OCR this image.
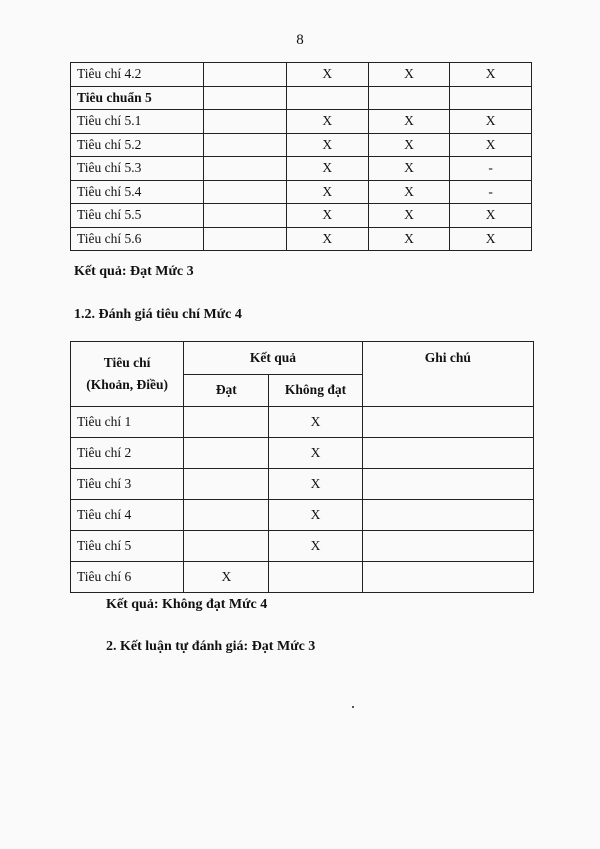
8
Tiêu chí 4.2		X	X	X
Tiêu chuẩn 5				
Tiêu chí 5.1		X	X	X
Tiêu chí 5.2		X	X	X
Tiêu chí 5.3		X	X	-
Tiêu chí 5.4		X	X	-
Tiêu chí 5.5		X	X	X
Tiêu chí 5.6		X	X	X
Kết quả: Đạt Mức 3
1.2. Đánh giá tiêu chí Mức 4
Tiêu chí
(Khoản, Điều)	Kết quả		Ghi chú
	Đạt	Không đạt	
Tiêu chí 1		X	
Tiêu chí 2		X	
Tiêu chí 3		X	
Tiêu chí 4		X	
Tiêu chí 5		X	
Tiêu chí 6	X		
Kết quả: Không đạt Mức 4
2. Kết luận tự đánh giá: Đạt Mức 3
